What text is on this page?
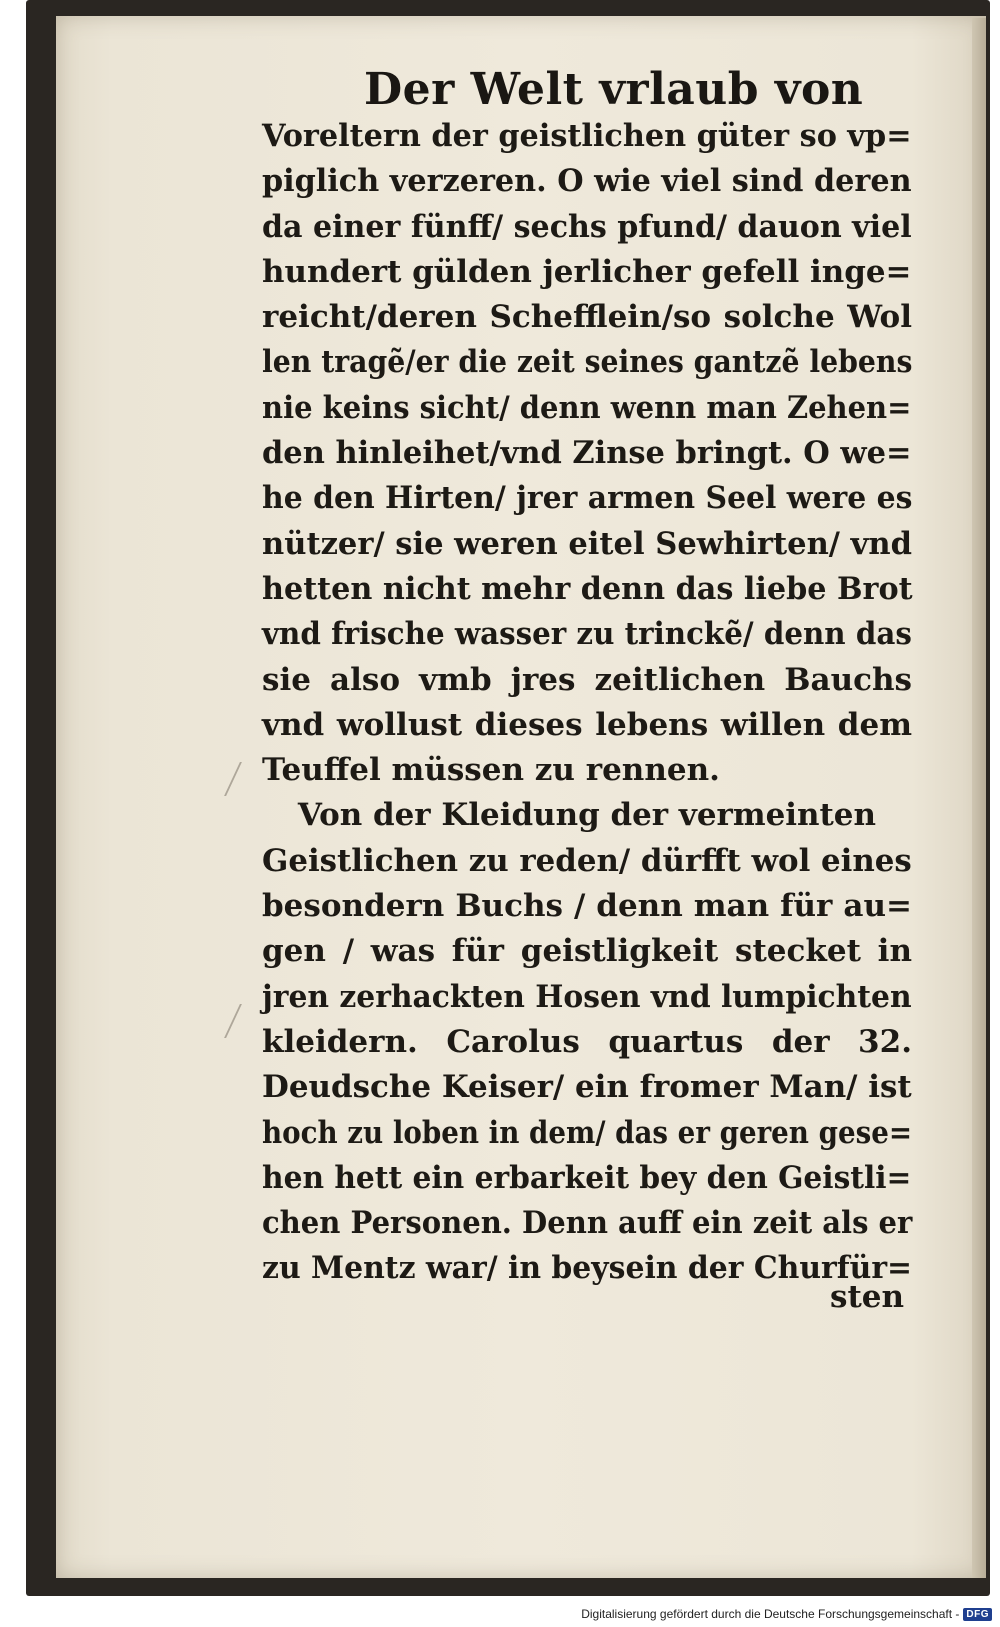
Der Welt vrlaub von
Voreltern der geistlichen güter so vp=
piglich verzeren. O wie viel sind deren
da einer fünff/ sechs pfund/ dauon viel
hundert gülden jerlicher gefell inge=
reicht/deren Schefflein/so solche Wol
len tragẽ/er die zeit seines gantzẽ lebens
nie keins sicht/ denn wenn man Zehen=
den hinleihet/vnd Zinse bringt. O we=
he den Hirten/ jrer armen Seel were es
nützer/ sie weren eitel Sewhirten/ vnd
hetten nicht mehr denn das liebe Brot
vnd frische wasser zu trinckẽ/ denn das
sie also vmb jres zeitlichen Bauchs
vnd wollust dieses lebens willen dem
Teuffel müssen zu rennen.
Von der Kleidung der vermeinten
Geistlichen zu reden/ dürfft wol eines
besondern Buchs / denn man für au=
gen / was für geistligkeit stecket in
jren zerhackten Hosen vnd lumpichten
kleidern. Carolus quartus der 32.
Deudsche Keiser/ ein fromer Man/ ist
hoch zu loben in dem/ das er geren gese=
hen hett ein erbarkeit bey den Geistli=
chen Personen. Denn auff ein zeit als er
zu Mentz war/ in beysein der Churfür=
sten
Digitalisierung gefördert durch die Deutsche Forschungsgemeinschaft - DFG
